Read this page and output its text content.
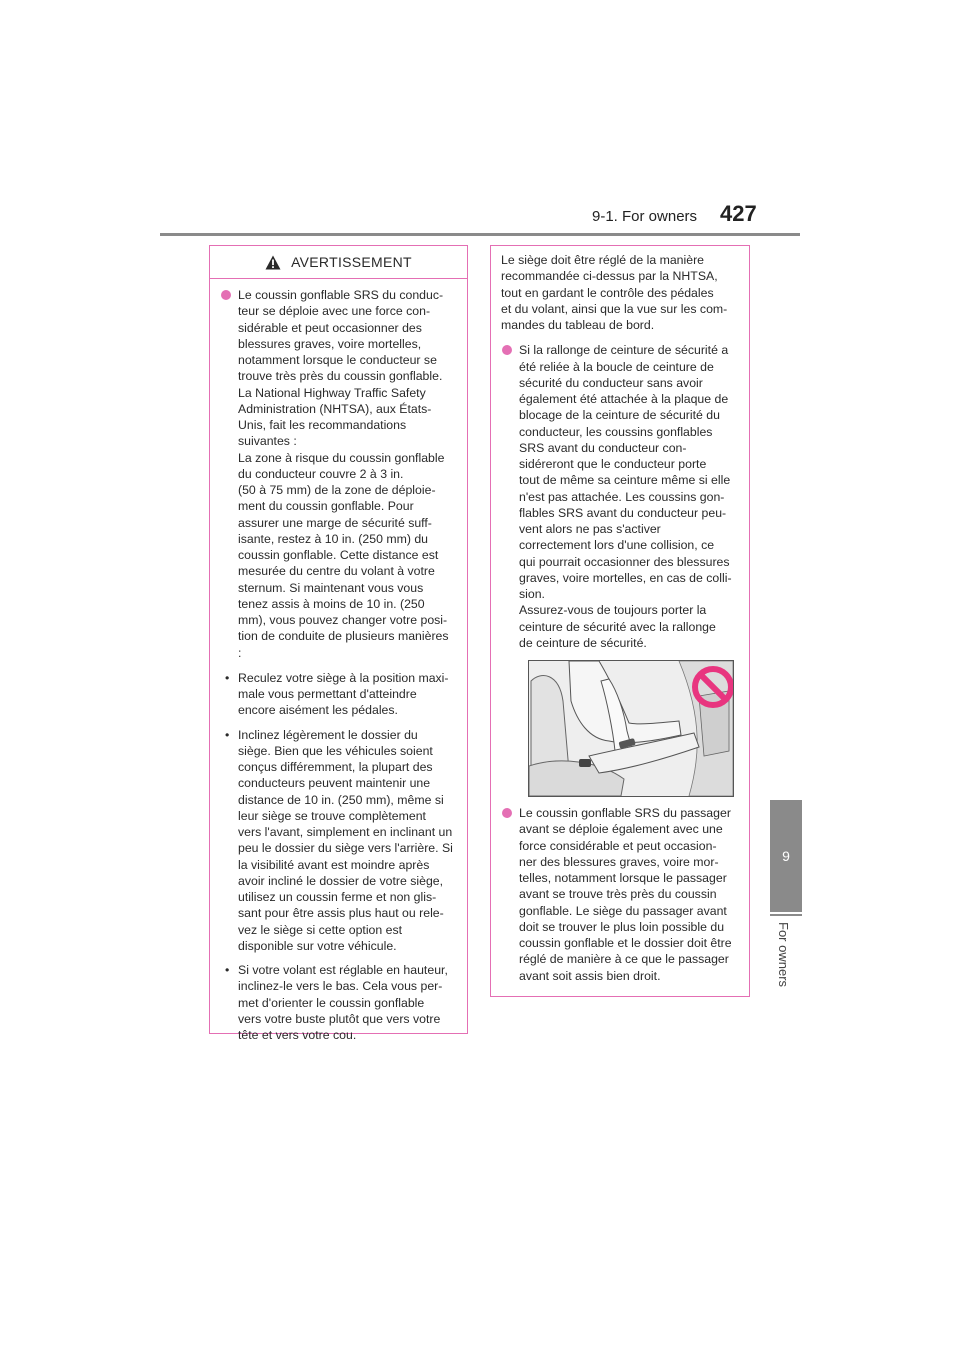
9-1. For owners 427
9
For owners
AVERTISSEMENT
Le coussin gonflable SRS du conduc-
teur se déploie avec une force con-
sidérable et peut occasionner des
blessures graves, voire mortelles,
notamment lorsque le conducteur se
trouve très près du coussin gonflable.
La National Highway Traffic Safety
Administration (NHTSA), aux États-
Unis, fait les recommandations
suivantes :
La zone à risque du coussin gonflable
du conducteur couvre 2 à 3 in.
(50 à 75 mm) de la zone de déploie-
ment du coussin gonflable. Pour
assurer une marge de sécurité suff-
isante, restez à 10 in. (250 mm) du
coussin gonflable. Cette distance est
mesurée du centre du volant à votre
sternum. Si maintenant vous vous
tenez assis à moins de 10 in. (250
mm), vous pouvez changer votre posi-
tion de conduite de plusieurs manières
:
• Reculez votre siège à la position maxi-
male vous permettant d'atteindre
encore aisément les pédales.
• Inclinez légèrement le dossier du
siège. Bien que les véhicules soient
conçus différemment, la plupart des
conducteurs peuvent maintenir une
distance de 10 in. (250 mm), même si
leur siège se trouve complètement
vers l'avant, simplement en inclinant un
peu le dossier du siège vers l'arrière. Si
la visibilité avant est moindre après
avoir incliné le dossier de votre siège,
utilisez un coussin ferme et non glis-
sant pour être assis plus haut ou rele-
vez le siège si cette option est
disponible sur votre véhicule.
• Si votre volant est réglable en hauteur,
inclinez-le vers le bas. Cela vous per-
met d'orienter le coussin gonflable
vers votre buste plutôt que vers votre
tête et vers votre cou.
Le siège doit être réglé de la manière
recommandée ci-dessus par la NHTSA,
tout en gardant le contrôle des pédales
et du volant, ainsi que la vue sur les com-
mandes du tableau de bord.
Si la rallonge de ceinture de sécurité a
été reliée à la boucle de ceinture de
sécurité du conducteur sans avoir
également été attachée à la plaque de
blocage de la ceinture de sécurité du
conducteur, les coussins gonflables
SRS avant du conducteur con-
sidéreront que le conducteur porte
tout de même sa ceinture même si elle
n'est pas attachée. Les coussins gon-
flables SRS avant du conducteur peu-
vent alors ne pas s'activer
correctement lors d'une collision, ce
qui pourrait occasionner des blessures
graves, voire mortelles, en cas de colli-
sion.
Assurez-vous de toujours porter la
ceinture de sécurité avec la rallonge
de ceinture de sécurité.
Le coussin gonflable SRS du passager
avant se déploie également avec une
force considérable et peut occasion-
ner des blessures graves, voire mor-
telles, notamment lorsque le passager
avant se trouve très près du coussin
gonflable. Le siège du passager avant
doit se trouver le plus loin possible du
coussin gonflable et le dossier doit être
réglé de manière à ce que le passager
avant soit assis bien droit.
